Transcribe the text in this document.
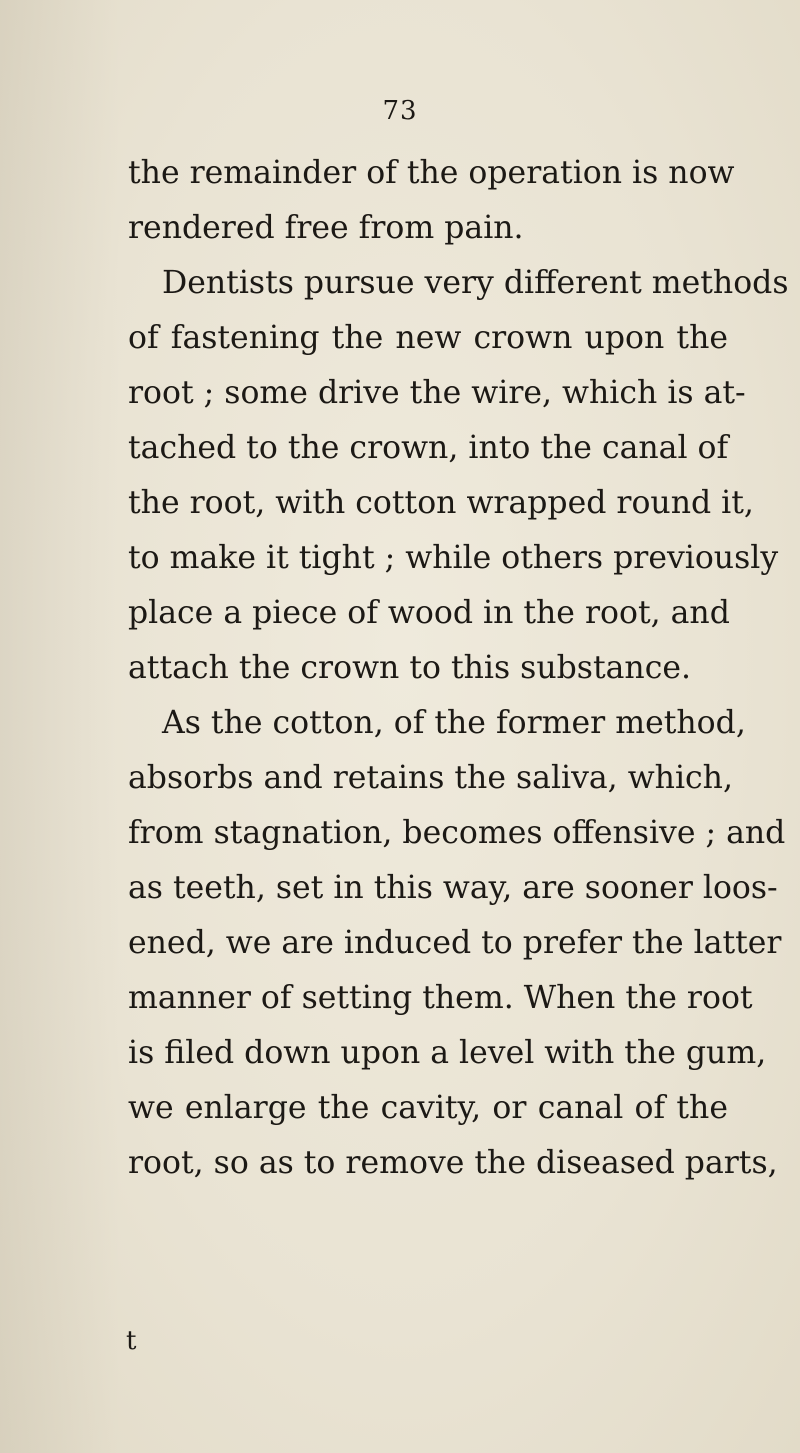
73
the remainder of the operation is now
rendered free from pain.
Dentists pursue very different methods
of fastening the new crown upon the
root ; some drive the wire, which is at-
tached to the crown, into the canal of
the root, with cotton wrapped round it,
to make it tight ; while others previously
place a piece of wood in the root, and
attach the crown to this substance.
As the cotton, of the former method,
absorbs and retains the saliva, which,
from stagnation, becomes offensive ; and
as teeth, set in this way, are sooner loos-
ened, we are induced to prefer the latter
manner of setting them. When the root
is filed down upon a level with the gum,
we enlarge the cavity, or canal of the
root, so as to remove the diseased parts,
t
